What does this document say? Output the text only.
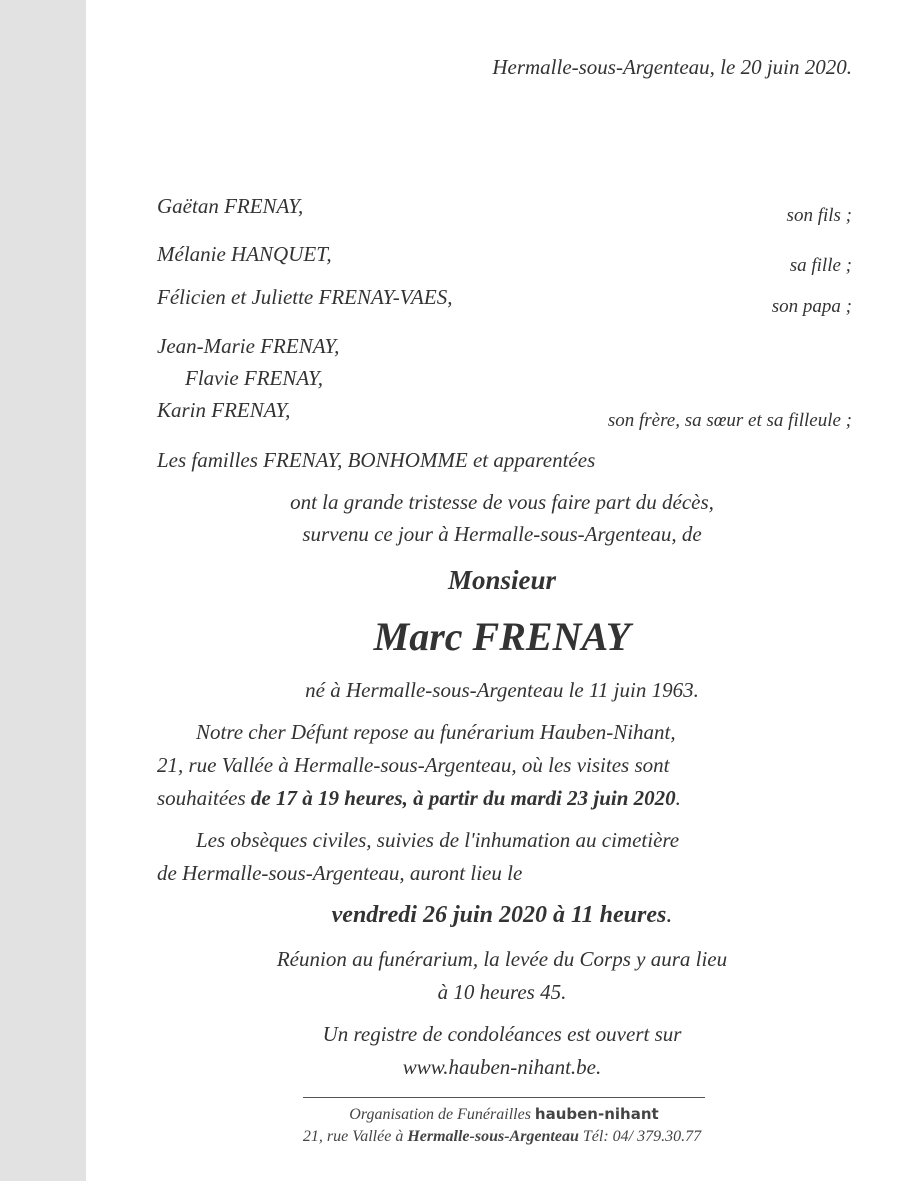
Hermalle-sous-Argenteau, le 20 juin 2020.
Gaëtan FRENAY,	son fils ;
Mélanie HANQUET,	sa fille ;
Félicien et Juliette FRENAY-VAES,	son papa ;
Jean-Marie FRENAY,
Flavie FRENAY,
Karin FRENAY,	son frère, sa sœur et sa filleule ;
Les familles FRENAY, BONHOMME et apparentées
ont la grande tristesse de vous faire part du décès,
survenu ce jour à Hermalle-sous-Argenteau, de
Monsieur
Marc FRENAY
né à Hermalle-sous-Argenteau le 11 juin 1963.
Notre cher Défunt repose au funérarium Hauben-Nihant,
21, rue Vallée à Hermalle-sous-Argenteau, où les visites sont
souhaitées de 17 à 19 heures, à partir du mardi 23 juin 2020.
Les obsèques civiles, suivies de l'inhumation au cimetière
de Hermalle-sous-Argenteau, auront lieu le
vendredi 26 juin 2020 à 11 heures.
Réunion au funérarium, la levée du Corps y aura lieu
à 10 heures 45.
Un registre de condoléances est ouvert sur
www.hauben-nihant.be.
Organisation de Funérailles hauben-nihant
21, rue Vallée à Hermalle-sous-Argenteau Tél: 04/ 379.30.77
